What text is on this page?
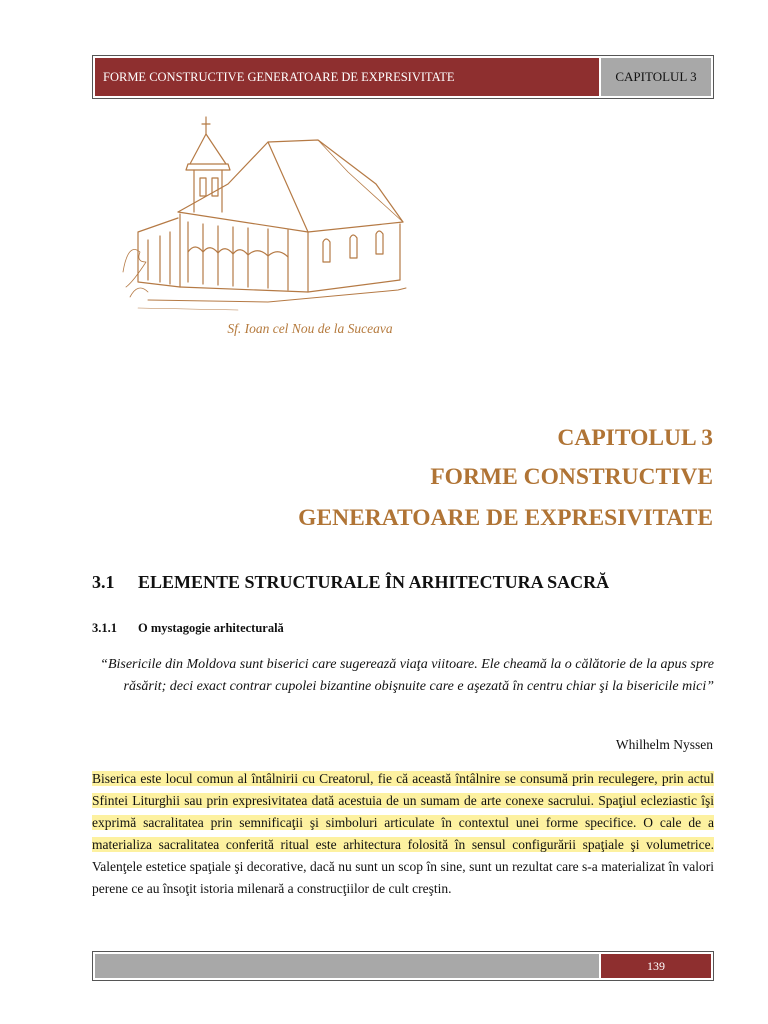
FORME CONSTRUCTIVE GENERATOARE DE EXPRESIVITATE	CAPITOLUL 3
Sf. Ioan cel Nou de la Suceava
CAPITOLUL 3
FORME CONSTRUCTIVE
GENERATOARE DE EXPRESIVITATE
3.1 ELEMENTE STRUCTURALE ÎN ARHITECTURA SACRĂ
3.1.1 O mystagogie arhitecturală
“Bisericile din Moldova sunt biserici care sugerează viaţa viitoare. Ele cheamă la o călătorie de la apus spre răsărit; deci exact contrar cupolei bizantine obişnuite care e aşezată în centru chiar şi la bisericile mici”
Whilhelm Nyssen
Biserica este locul comun al întâlnirii cu Creatorul, fie că această întâlnire se consumă prin reculegere, prin actul Sfintei Liturghii sau prin expresivitatea dată acestuia de un sumam de arte conexe sacrului. Spaţiul ecleziastic îşi exprimă sacralitatea prin semnificaţii şi simboluri articulate în contextul unei forme specifice. O cale de a materializa sacralitatea conferită ritual este arhitectura folosită în sensul configurării spaţiale şi volumetrice. Valenţele estetice spaţiale şi decorative, dacă nu sunt un scop în sine, sunt un rezultat care s-a materializat în valori perene ce au însoţit istoria milenară a construcţiilor de cult creştin.
139
